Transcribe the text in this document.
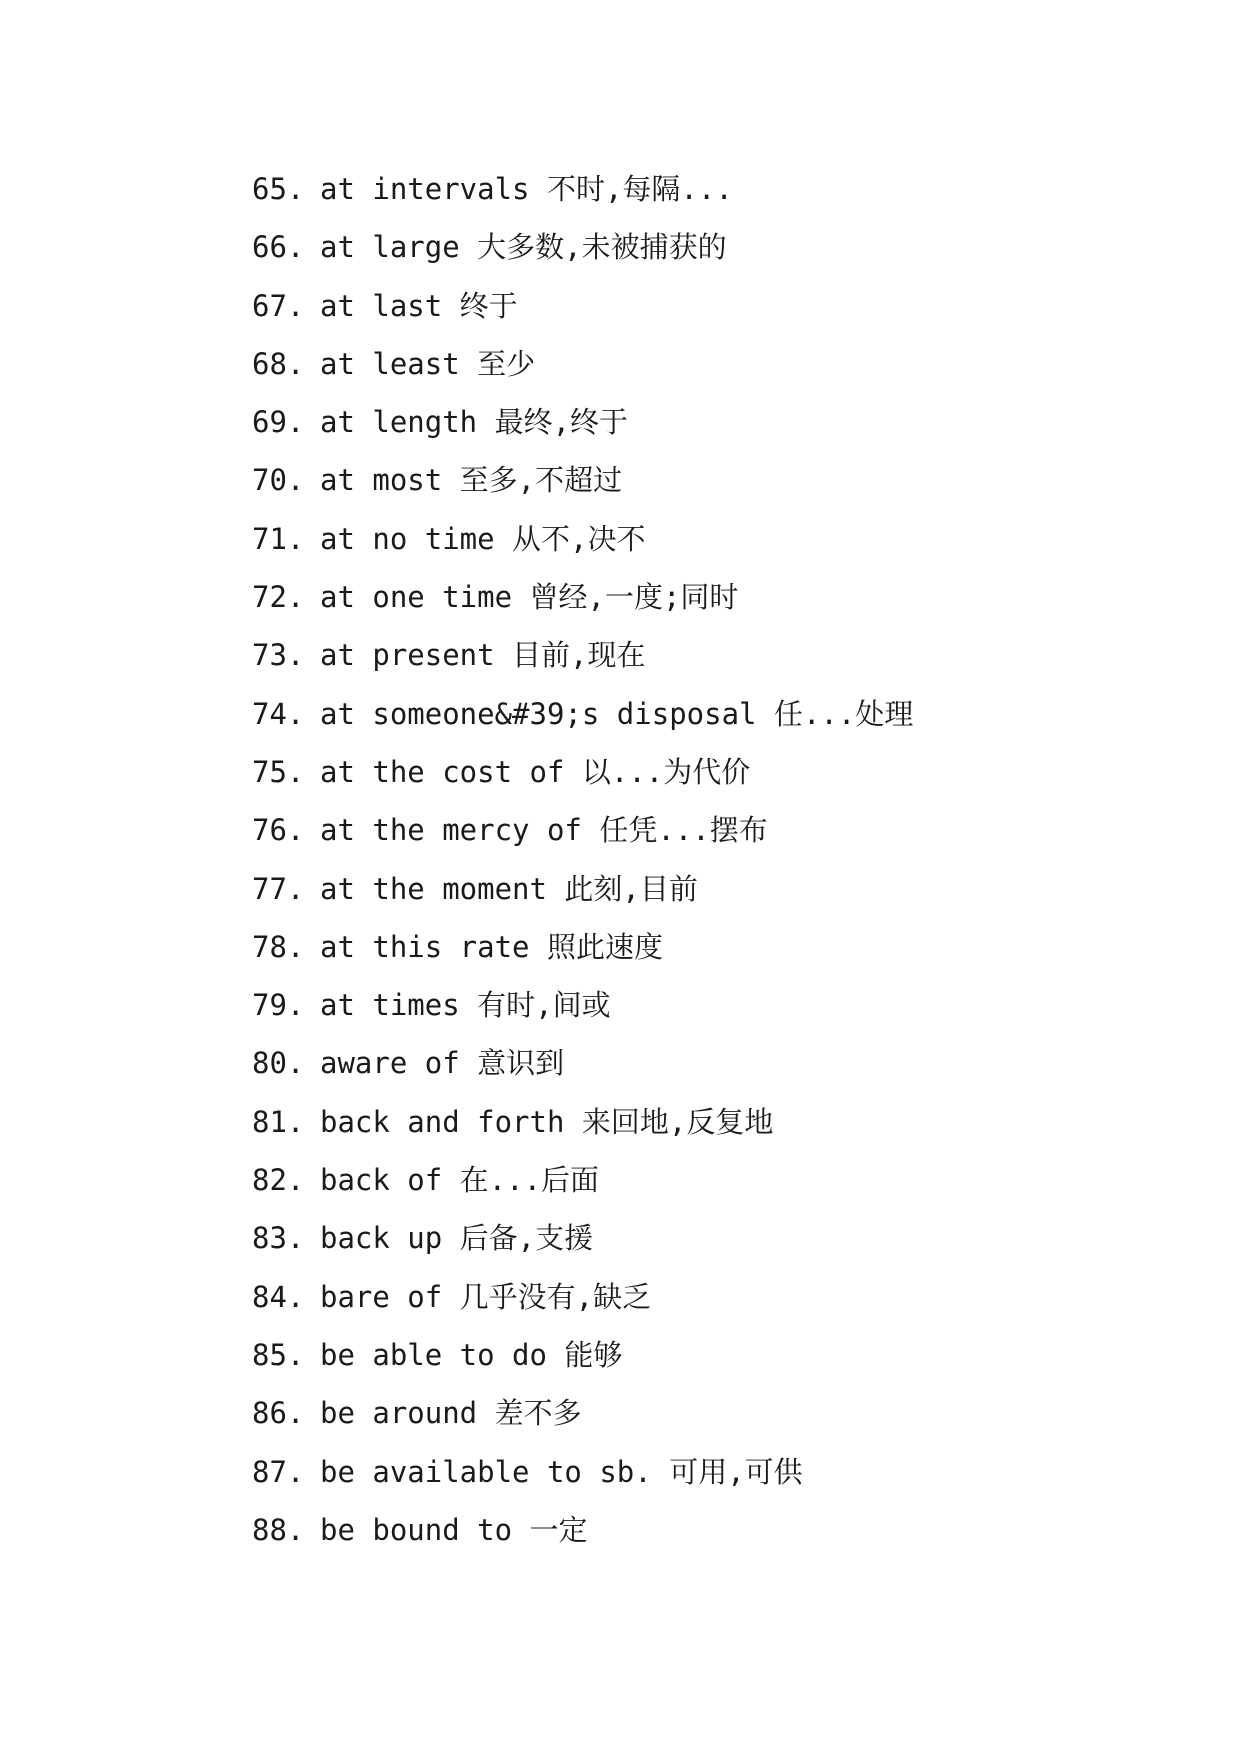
65. at intervals 不时,每隔...
66. at large 大多数,未被捕获的
67. at last 终于
68. at least 至少
69. at length 最终,终于
70. at most 至多,不超过
71. at no time 从不,决不
72. at one time 曾经,一度;同时
73. at present 目前,现在
74. at someone&#39;s disposal 任...处理
75. at the cost of 以...为代价
76. at the mercy of 任凭...摆布
77. at the moment 此刻,目前
78. at this rate 照此速度
79. at times 有时,间或
80. aware of 意识到
81. back and forth 来回地,反复地
82. back of 在...后面
83. back up 后备,支援
84. bare of 几乎没有,缺乏
85. be able to do 能够
86. be around 差不多
87. be available to sb. 可用,可供
88. be bound to 一定
